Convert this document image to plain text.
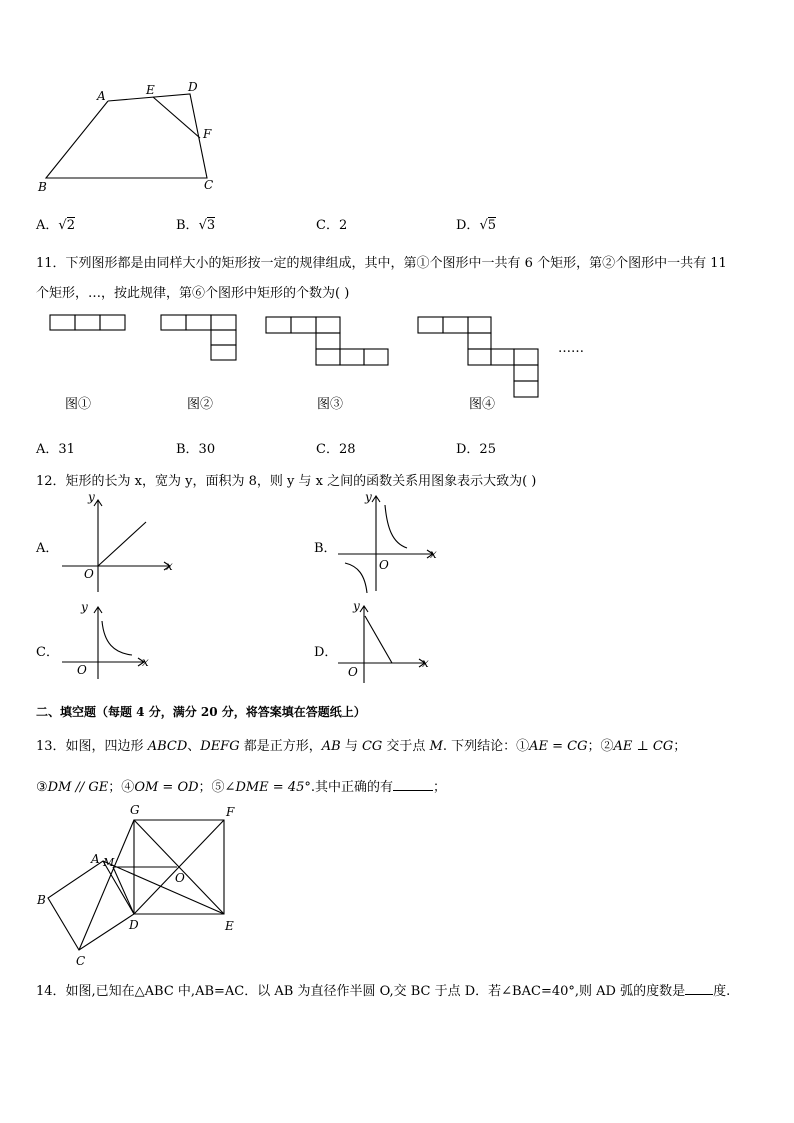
A	E	D
F
B	C
A．√2	B．√3	C．2	D．√5
11．下列图形都是由同样大小的矩形按一定的规律组成，其中，第①个图形中一共有 6 个矩形，第②个图形中一共有 11
个矩形，…，按此规律，第⑥个图形中矩形的个数为( )
……
图①	图②	图③	图④
A．31	B．30	C．28	D．25
12．矩形的长为 x，宽为 y，面积为 8，则 y 与 x 之间的函数关系用图象表示大致为( )
A．
x
y
O
B．	x
y
O
C．
x
y
O
D．
x
y
O
二、填空题（每题 4 分，满分 20 分，将答案填在答题纸上）
13．如图，四边形 ABCD、DEFG 都是正方形，AB 与 CG 交于点 M. 下列结论：①AE = CG；②AE ⊥ CG；
③DM // GE；④OM = OD；⑤∠DME = 45°.其中正确的有	；
G	F
A M
O
B
D	E
C
14．如图,已知在△ABC 中,AB=AC．以 AB 为直径作半圆 O,交 BC 于点 D．若∠BAC=40°,则 AD 弧的度数是 度.
